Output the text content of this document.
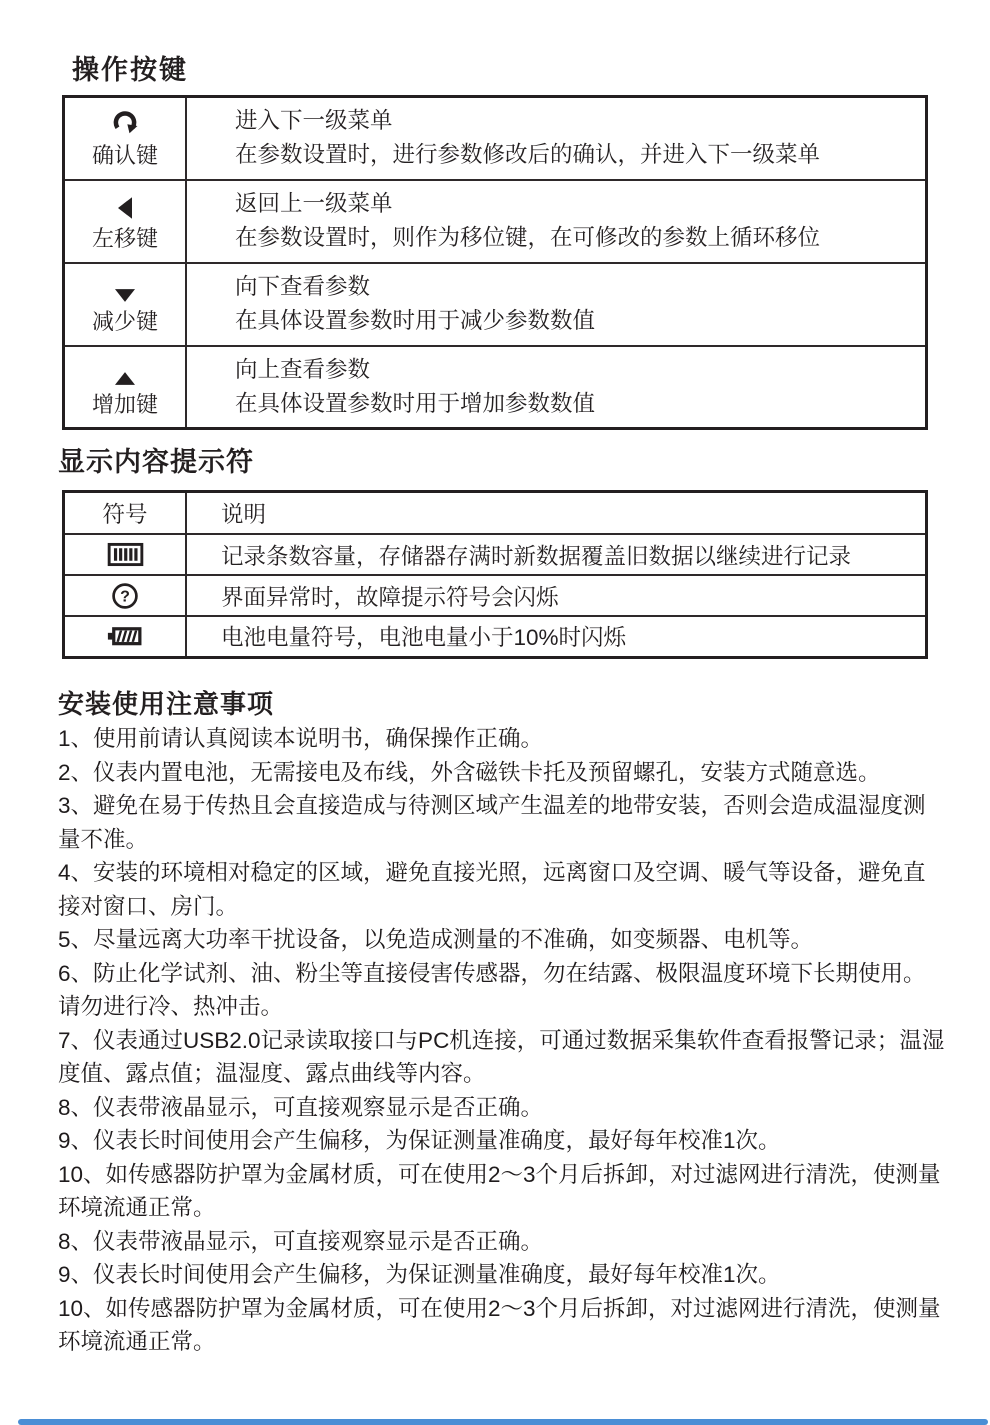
操作按键
确认键	进入下一级菜单
在参数设置时，进行参数修改后的确认，并进入下一级菜单

左移键	返回上一级菜单
在参数设置时，则作为移位键，在可修改的参数上循环移位

减少键	向下查看参数
在具体设置参数时用于减少参数数值

增加键	向上查看参数
在具体设置参数时用于增加参数数值
显示内容提示符
符号	说明

	记录条数容量，存储器存满时新数据覆盖旧数据以继续进行记录

?	界面异常时，故障提示符号会闪烁

	电池电量符号，电池电量小于10%时闪烁
安装使用注意事项

1、使用前请认真阅读本说明书，确保操作正确。

2、仪表内置电池，无需接电及布线，外含磁铁卡托及预留螺孔，安装方式随意选。

3、避免在易于传热且会直接造成与待测区域产生温差的地带安装，否则会造成温湿度测量不准。

4、安装的环境相对稳定的区域，避免直接光照，远离窗口及空调、暖气等设备，避免直接对窗口、房门。

5、尽量远离大功率干扰设备，以免造成测量的不准确，如变频器、电机等。

6、防止化学试剂、油、粉尘等直接侵害传感器，勿在结露、极限温度环境下长期使用。请勿进行冷、热冲击。

7、仪表通过USB2.0记录读取接口与PC机连接，可通过数据采集软件查看报警记录；温湿度值、露点值；温湿度、露点曲线等内容。

8、仪表带液晶显示，可直接观察显示是否正确。

9、仪表长时间使用会产生偏移，为保证测量准确度，最好每年校准1次。

10、如传感器防护罩为金属材质，可在使用2～3个月后拆卸，对过滤网进行清洗，使测量环境流通正常。

8、仪表带液晶显示，可直接观察显示是否正确。

9、仪表长时间使用会产生偏移，为保证测量准确度，最好每年校准1次。

10、如传感器防护罩为金属材质，可在使用2～3个月后拆卸，对过滤网进行清洗，使测量环境流通正常。
